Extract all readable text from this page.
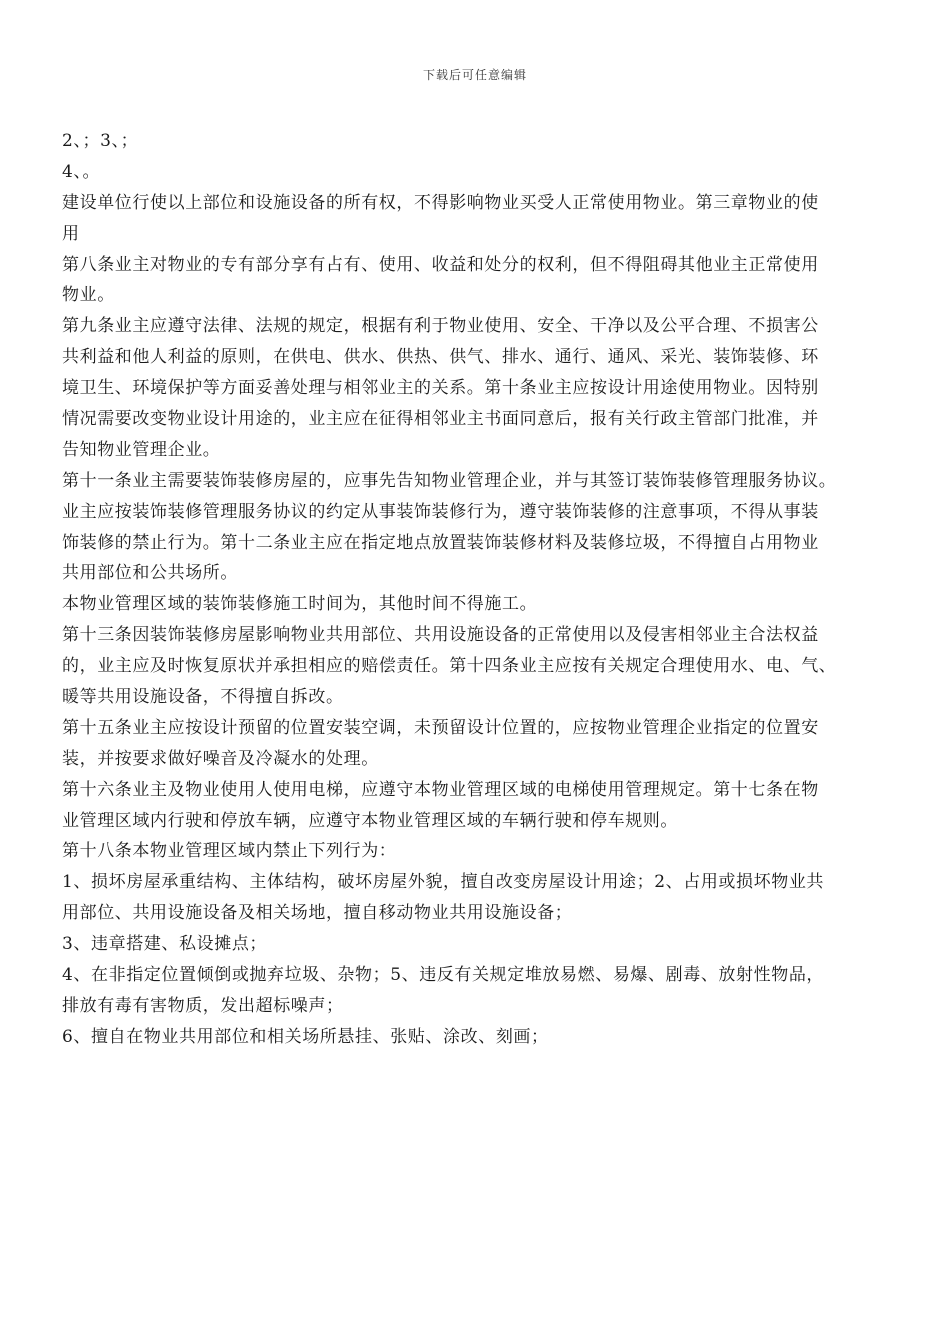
下载后可任意编辑
2、；3、；
4、。
建设单位行使以上部位和设施设备的所有权，不得影响物业买受人正常使用物业。第三章物业的使
用
第八条业主对物业的专有部分享有占有、使用、收益和处分的权利，但不得阻碍其他业主正常使用
物业。
第九条业主应遵守法律、法规的规定，根据有利于物业使用、安全、干净以及公平合理、不损害公
共利益和他人利益的原则，在供电、供水、供热、供气、排水、通行、通风、采光、装饰装修、环
境卫生、环境保护等方面妥善处理与相邻业主的关系。第十条业主应按设计用途使用物业。因特别
情况需要改变物业设计用途的，业主应在征得相邻业主书面同意后，报有关行政主管部门批准，并
告知物业管理企业。
第十一条业主需要装饰装修房屋的，应事先告知物业管理企业，并与其签订装饰装修管理服务协议。
业主应按装饰装修管理服务协议的约定从事装饰装修行为，遵守装饰装修的注意事项，不得从事装
饰装修的禁止行为。第十二条业主应在指定地点放置装饰装修材料及装修垃圾，不得擅自占用物业
共用部位和公共场所。
本物业管理区域的装饰装修施工时间为，其他时间不得施工。
第十三条因装饰装修房屋影响物业共用部位、共用设施设备的正常使用以及侵害相邻业主合法权益
的，业主应及时恢复原状并承担相应的赔偿责任。第十四条业主应按有关规定合理使用水、电、气、
暖等共用设施设备，不得擅自拆改。
第十五条业主应按设计预留的位置安装空调，未预留设计位置的，应按物业管理企业指定的位置安
装，并按要求做好噪音及冷凝水的处理。
第十六条业主及物业使用人使用电梯，应遵守本物业管理区域的电梯使用管理规定。第十七条在物
业管理区域内行驶和停放车辆，应遵守本物业管理区域的车辆行驶和停车规则。
第十八条本物业管理区域内禁止下列行为：
1、损坏房屋承重结构、主体结构，破坏房屋外貌，擅自改变房屋设计用途；2、占用或损坏物业共
用部位、共用设施设备及相关场地，擅自移动物业共用设施设备；
3、违章搭建、私设摊点；
4、在非指定位置倾倒或抛弃垃圾、杂物；5、违反有关规定堆放易燃、易爆、剧毒、放射性物品，
排放有毒有害物质，发出超标噪声；
6、擅自在物业共用部位和相关场所悬挂、张贴、涂改、刻画；
